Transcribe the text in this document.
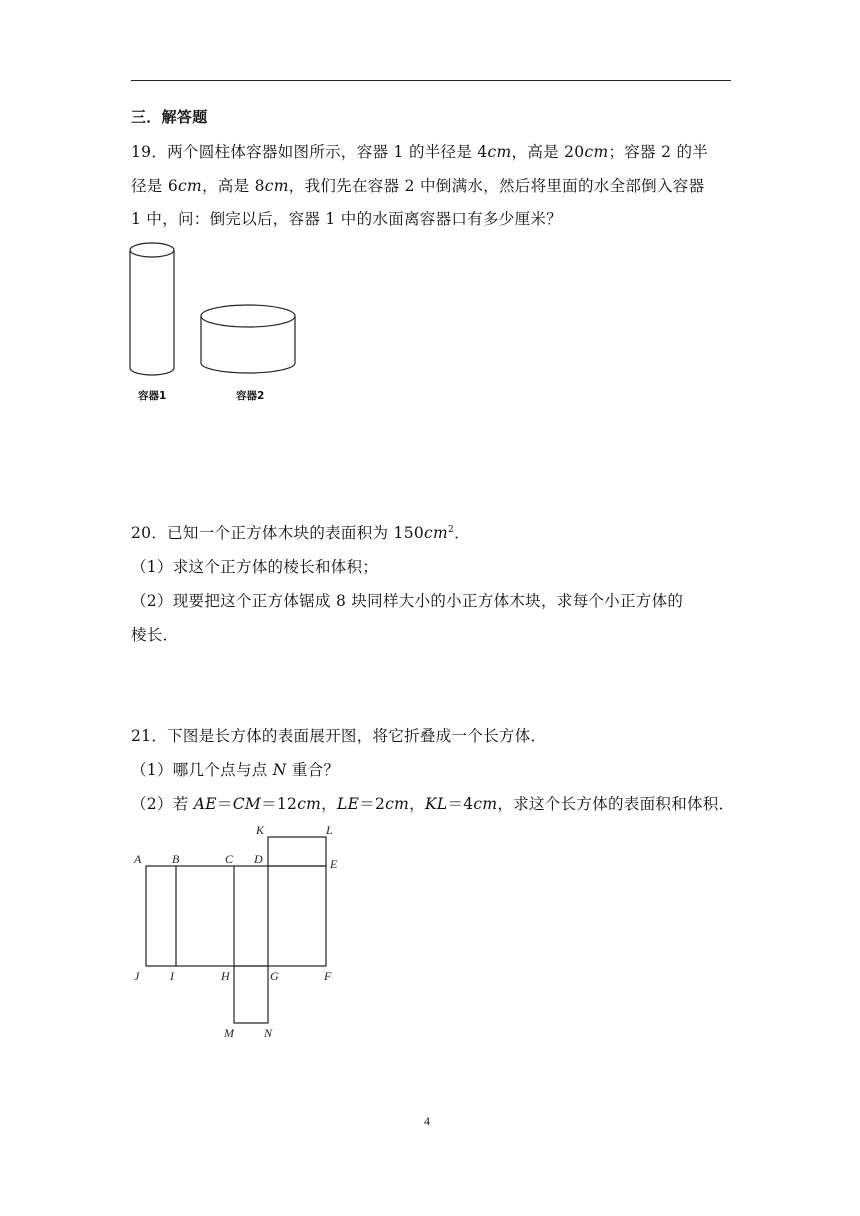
三．解答题
19．两个圆柱体容器如图所示，容器 1 的半径是 4cm，高是 20cm；容器 2 的半
径是 6cm，高是 8cm，我们先在容器 2 中倒满水，然后将里面的水全部倒入容器
1 中，问：倒完以后，容器 1 中的水面离容器口有多少厘米？
容器1	容器2
20．已知一个正方体木块的表面积为 $150cm^2$．
（1）求这个正方体的棱长和体积；
（2）现要把这个正方体锯成 8 块同样大小的小正方体木块，求每个小正方体的
棱长．
21．下图是长方体的表面展开图，将它折叠成一个长方体．
（1）哪几个点与点 N 重合？
（2）若 AE＝CM＝12cm，LE＝2cm，KL＝4cm，求这个长方体的表面积和体积．
A	B	C D	E
F
G
H
I
J
K	L
M	N
4
